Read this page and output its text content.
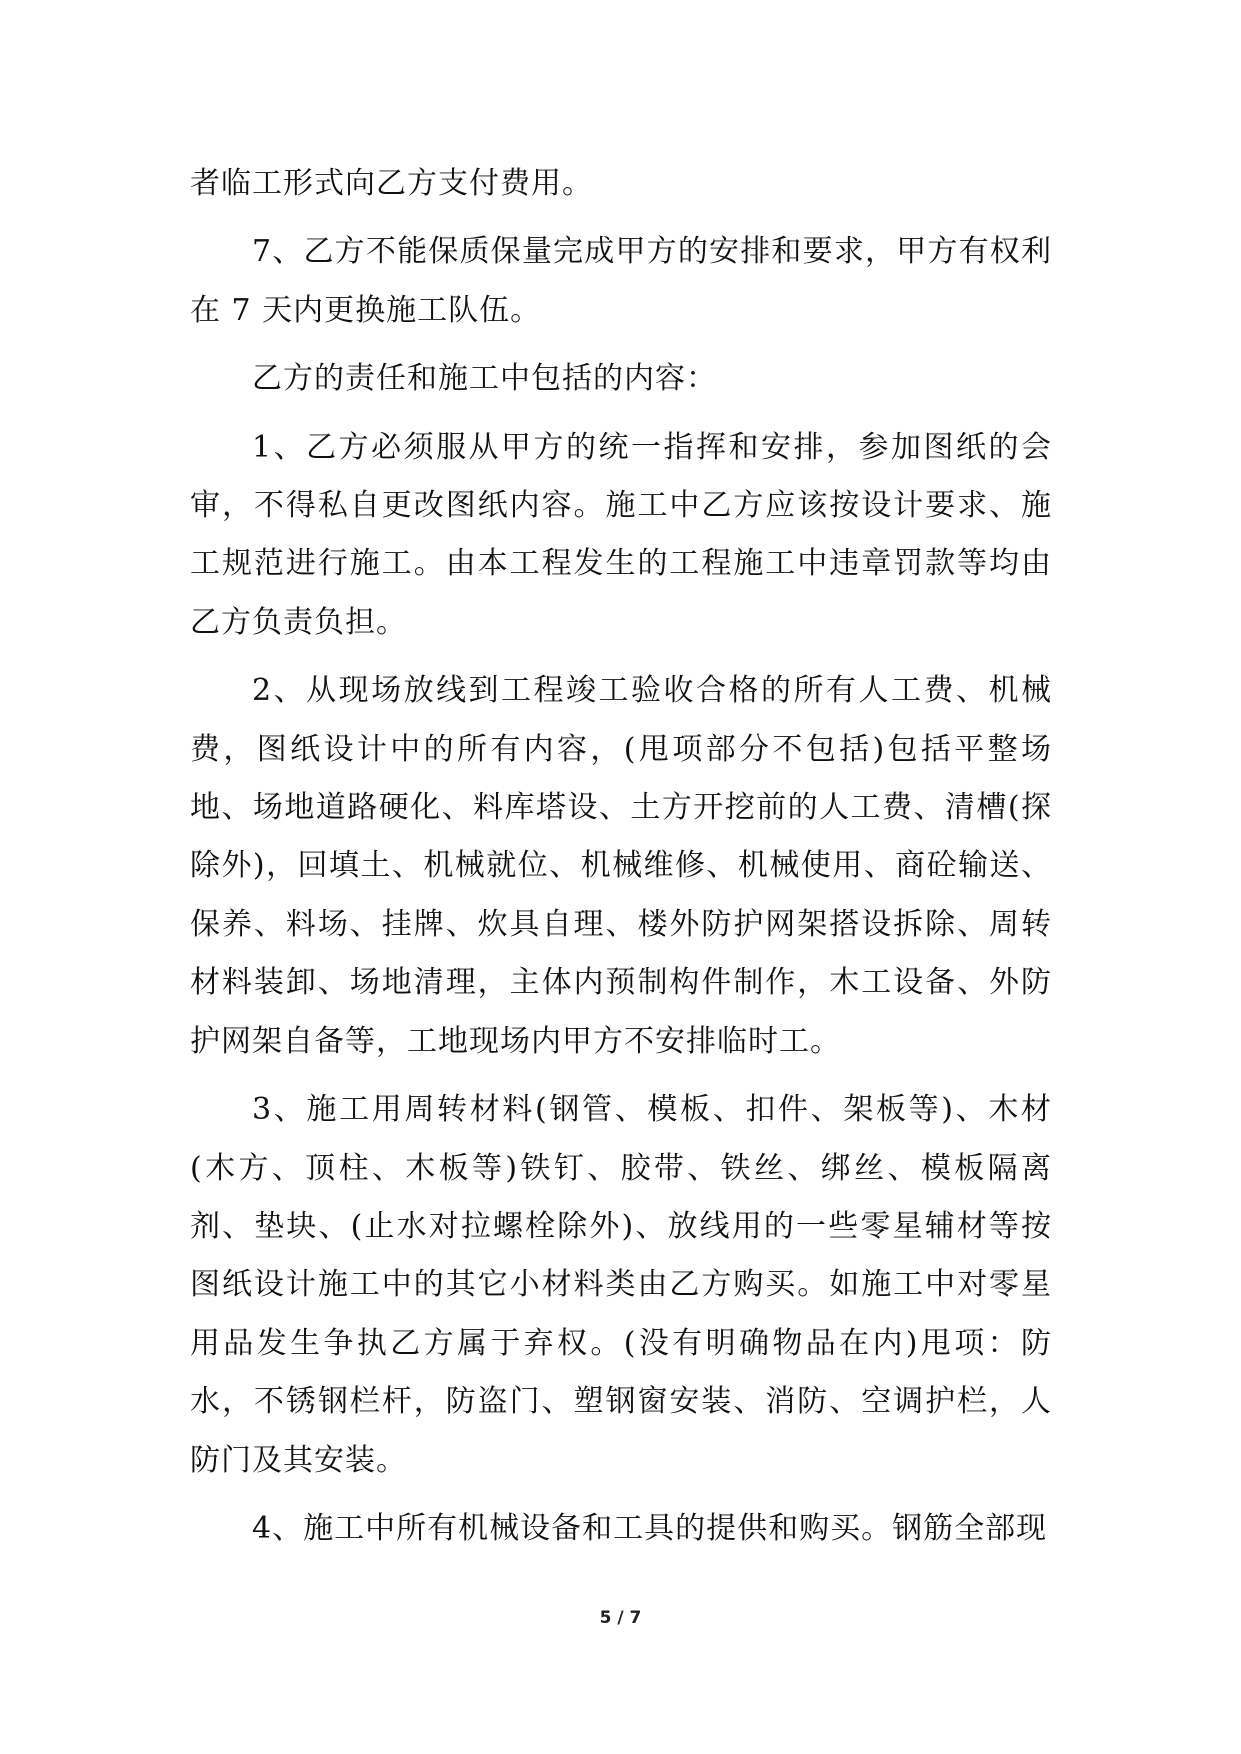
者临工形式向乙方支付费用。

7、乙方不能保质保量完成甲方的安排和要求，甲方有权利在 7 天内更换施工队伍。

乙方的责任和施工中包括的内容：

1、乙方必须服从甲方的统一指挥和安排，参加图纸的会审，不得私自更改图纸内容。施工中乙方应该按设计要求、施工规范进行施工。由本工程发生的工程施工中违章罚款等均由乙方负责负担。

2、从现场放线到工程竣工验收合格的所有人工费、机械费，图纸设计中的所有内容，(甩项部分不包括)包括平整场地、场地道路硬化、料库塔设、土方开挖前的人工费、清槽(探除外)，回填土、机械就位、机械维修、机械使用、商砼输送、保养、料场、挂牌、炊具自理、楼外防护网架搭设拆除、周转材料装卸、场地清理，主体内预制构件制作，木工设备、外防护网架自备等，工地现场内甲方不安排临时工。

3、施工用周转材料(钢管、模板、扣件、架板等)、木材(木方、顶柱、木板等)铁钉、胶带、铁丝、绑丝、模板隔离剂、垫块、(止水对拉螺栓除外)、放线用的一些零星辅材等按图纸设计施工中的其它小材料类由乙方购买。如施工中对零星用品发生争执乙方属于弃权。(没有明确物品在内)甩项：防水，不锈钢栏杆，防盗门、塑钢窗安装、消防、空调护栏，人防门及其安装。

4、施工中所有机械设备和工具的提供和购买。钢筋全部现

5 / 7
